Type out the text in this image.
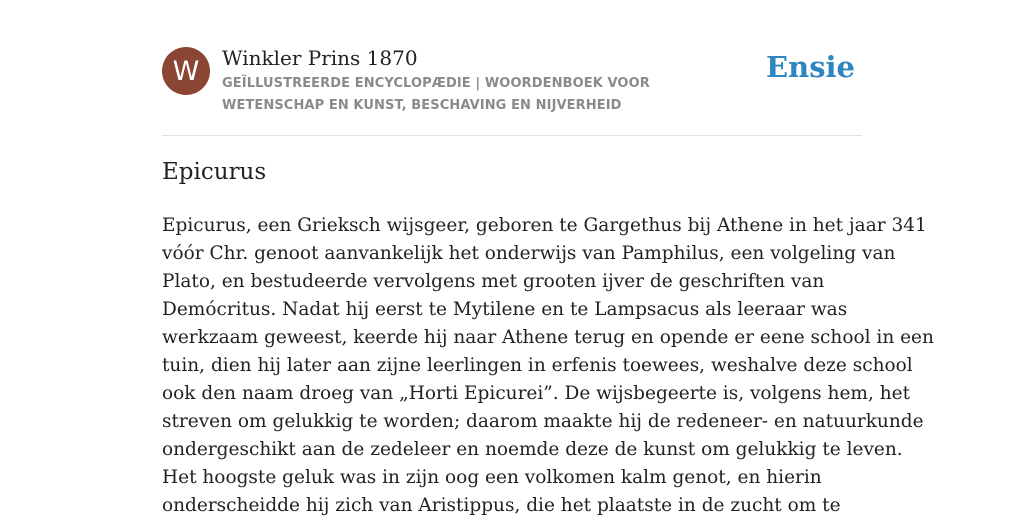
W	Winkler Prins 1870
GEÏLLUSTREERDE ENCYCLOPÆDIE | WOORDENBOEK VOOR WETENSCHAP EN KUNST, BESCHAVING EN NIJVERHEID
Ensie
Epicurus
Epicurus, een Grieksch wijsgeer, geboren te Gargethus bij Athene in het jaar 341
vóór Chr. genoot aanvankelijk het onderwijs van Pamphilus, een volgeling van
Plato, en bestudeerde vervolgens met grooten ijver de geschriften van
Demócritus. Nadat hij eerst te Mytilene en te Lampsacus als leeraar was
werkzaam geweest, keerde hij naar Athene terug en opende er eene school in een
tuin, dien hij later aan zijne leerlingen in erfenis toewees, weshalve deze school
ook den naam droeg van „Horti Epicurei”. De wijsbegeerte is, volgens hem, het
streven om gelukkig te worden; daarom maakte hij de redeneer- en natuurkunde
ondergeschikt aan de zedeleer en noemde deze de kunst om gelukkig te leven.
Het hoogste geluk was in zijn oog een volkomen kalm genot, en hierin
onderscheidde hij zich van Aristippus, die het plaatste in de zucht om te
